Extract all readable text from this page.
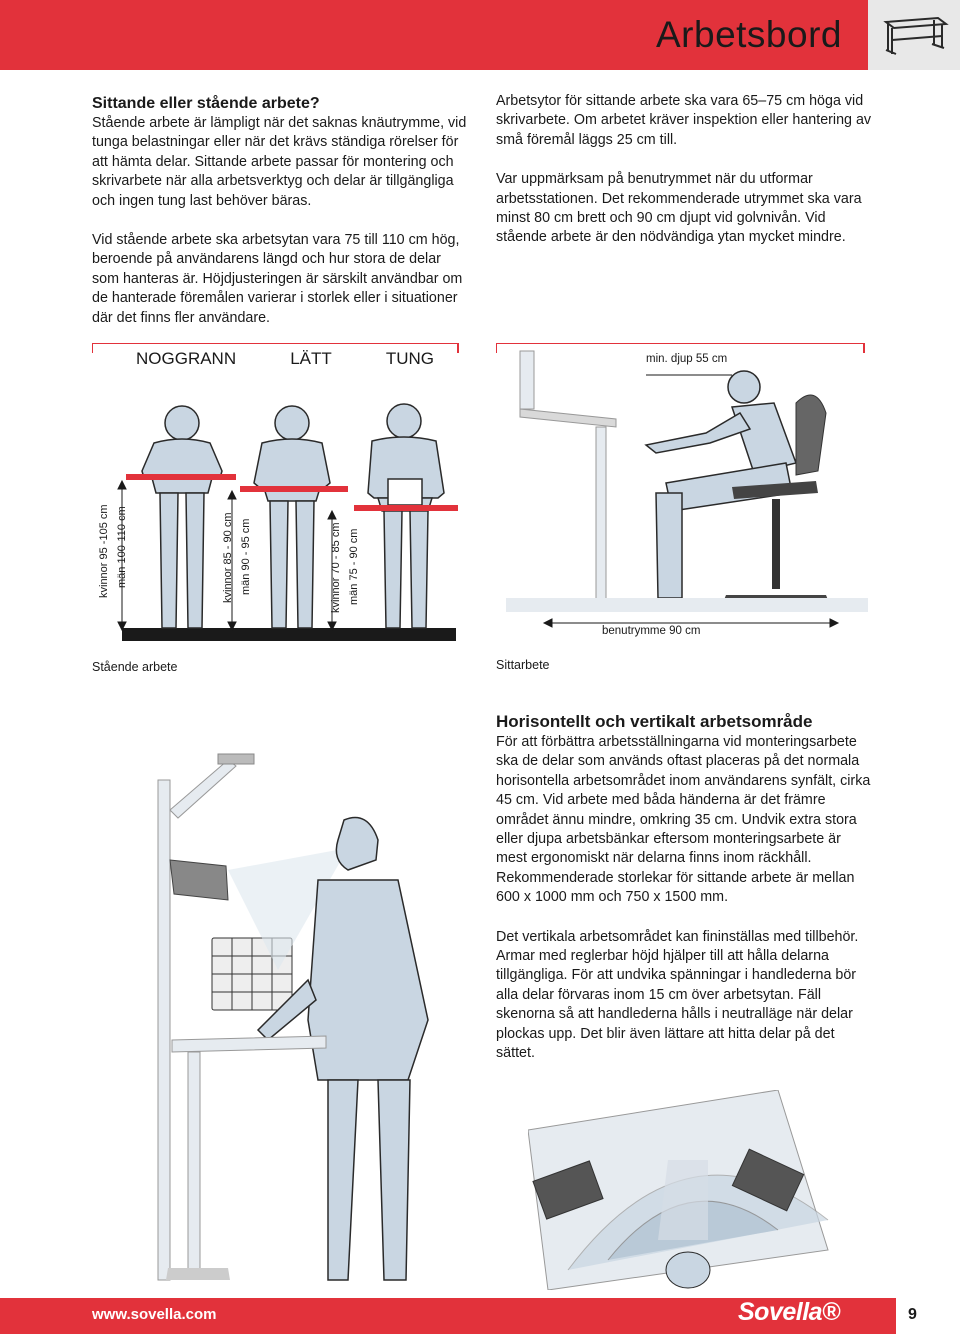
Arbetsbord

Sittande eller stående arbete?

Stående arbete är lämpligt när det saknas knäutrymme, vid tunga belastningar eller när det krävs ständiga rörelser för att hämta delar. Sittande arbete passar för montering och skrivarbete när alla arbetsverktyg och delar är tillgängliga och ingen tung last behöver bäras.

Vid stående arbete ska arbetsytan vara 75 till 110 cm hög, beroende på användarens längd och hur stora de delar som hanteras är. Höjdjusteringen är särskilt användbar om de hanterade föremålen varierar i storlek eller i situationer där det finns fler användare.

Arbetsytor för sittande arbete ska vara 65–75 cm höga vid skrivarbete. Om arbetet kräver inspektion eller hantering av små föremål läggs 25 cm till.

Var uppmärksam på benutrymmet när du utformar arbetsstationen. Det rekommenderade utrymmet ska vara minst 80 cm brett och 90 cm djupt vid golvnivån. Vid stående arbete är den nödvändiga ytan mycket mindre.

NOGGRANN	LÄTT	TUNG
kvinnor 95 -105 cm män 100-110 cm	kvinnor 85 - 90 cm män 90 - 95 cm	kvinnor 70 - 85 cm män 75 - 90 cm
Stående arbete
min. djup 55 cm
benutrymme 90 cm
Sittarbete

Horisontellt och vertikalt arbetsområde

För att förbättra arbetsställningarna vid monteringsarbete ska de delar som används oftast placeras på det normala horisontella arbetsområdet inom användarens synfält, cirka 45 cm. Vid arbete med båda händerna är det främre området ännu mindre, omkring 35 cm. Undvik extra stora eller djupa arbetsbänkar eftersom monteringsarbete är mest ergonomiskt när delarna finns inom räckhåll. Rekommenderade storlekar för sittande arbete är mellan 600 x 1000 mm och 750 x 1500 mm.

Det vertikala arbetsområdet kan fininställas med tillbehör. Armar med reglerbar höjd hjälper till att hålla delarna tillgängliga. För att undvika spänningar i handlederna bör alla delar förvaras inom 15 cm över arbetsytan. Fäll skenorna så att handlederna hålls i neutralläge när delar plockas upp. Det blir även lättare att hitta delar på det sättet.

www.sovella.com	Sovella®	9
